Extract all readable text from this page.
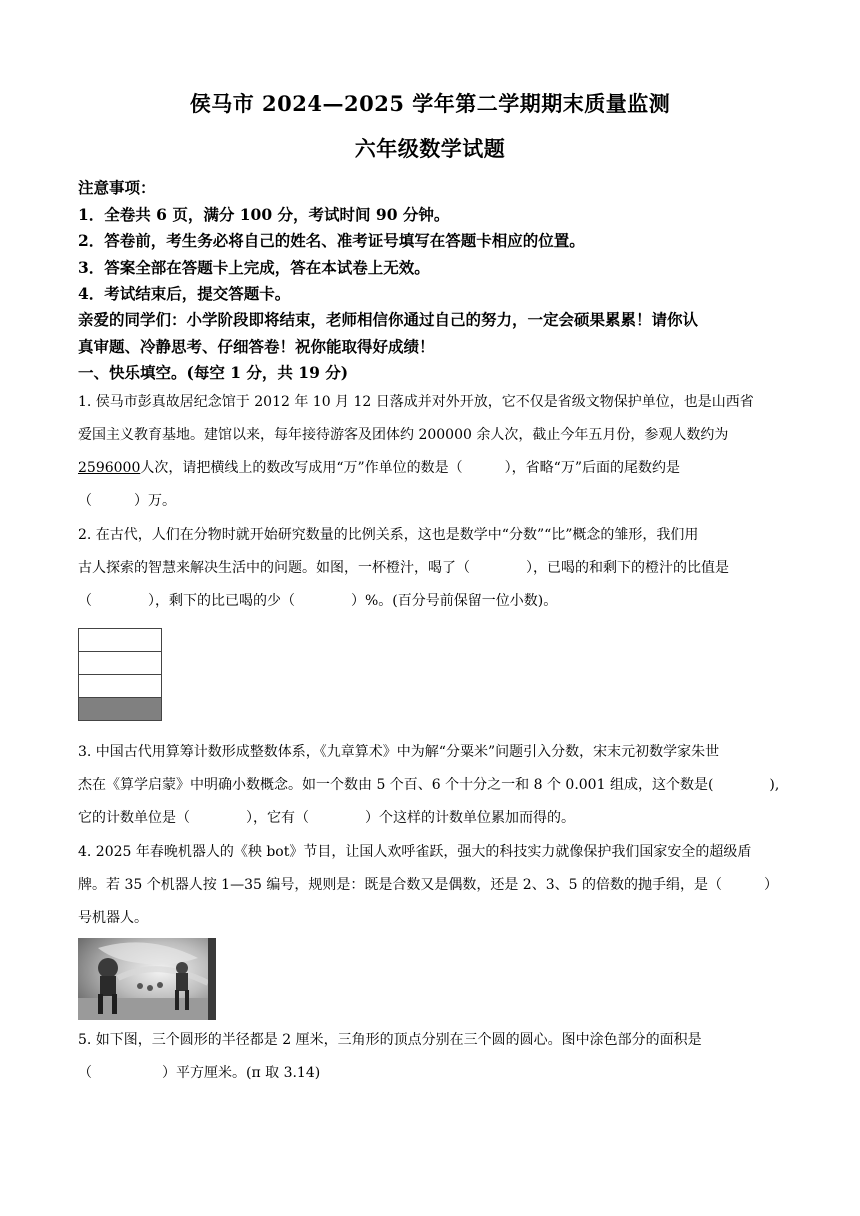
侯马市 2024—2025 学年第二学期期末质量监测
六年级数学试题
注意事项：
1．全卷共 6 页，满分 100 分，考试时间 90 分钟。
2．答卷前，考生务必将自己的姓名、准考证号填写在答题卡相应的位置。
3．答案全部在答题卡上完成，答在本试卷上无效。
4．考试结束后，提交答题卡。
亲爱的同学们：小学阶段即将结束，老师相信你通过自己的努力，一定会硕果累累！请你认
真审题、冷静思考、仔细答卷！祝你能取得好成绩！
一、快乐填空。(每空 1 分，共 19 分)

1. 侯马市彭真故居纪念馆于 2012 年 10 月 12 日落成并对外开放，它不仅是省级文物保护单位，也是山西省

爱国主义教育基地。建馆以来，每年接待游客及团体约 200000 余人次，截止今年五月份，参观人数约为

2596000人次，请把横线上的数改写成用“万”作单位的数是（　　　），省略“万”后面的尾数约是

（　　　）万。

2. 在古代，人们在分物时就开始研究数量的比例关系，这也是数学中“分数”“比”概念的雏形，我们用

古人探索的智慧来解决生活中的问题。如图，一杯橙汁，喝了（　　　　），已喝的和剩下的橙汁的比值是

（　　　　），剩下的比已喝的少（　　　　）%。(百分号前保留一位小数)。

3. 中国古代用算筹计数形成整数体系，《九章算术》中为解“分粟米”问题引入分数，宋末元初数学家朱世

杰在《算学启蒙》中明确小数概念。如一个数由 5 个百、6 个十分之一和 8 个 0.001 组成，这个数是(　　　　),

它的计数单位是（　　　　），它有（　　　　）个这样的计数单位累加而得的。

4. 2025 年春晚机器人的《秧 bot》节目，让国人欢呼雀跃，强大的科技实力就像保护我们国家安全的超级盾

牌。若 35 个机器人按 1—35 编号，规则是：既是合数又是偶数，还是 2、3、5 的倍数的抛手绢，是（　　　）

号机器人。

5. 如下图，三个圆形的半径都是 2 厘米，三角形的顶点分别在三个圆的圆心。图中涂色部分的面积是

（　　　　　）平方厘米。(π 取 3.14)
